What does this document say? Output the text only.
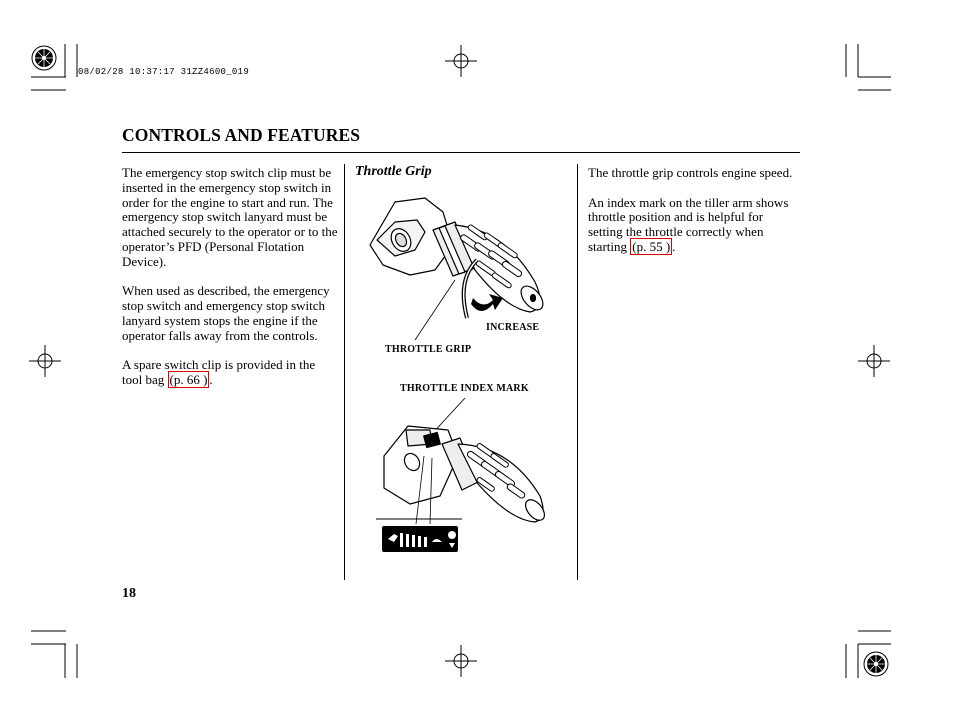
08/02/28 10:37:17 31ZZ4600_019
CONTROLS AND FEATURES

The emergency stop switch clip must be inserted in the emergency stop switch in order for the engine to start and run. The emergency stop switch lanyard must be attached securely to the operator or to the operator’s PFD (Personal Flotation Device).

When used as described, the emergency stop switch and emergency stop switch lanyard system stops the engine if the operator falls away from the controls.

A spare switch clip is provided in the tool bag (p. 66 ) .

Throttle Grip
INCREASE
THROTTLE GRIP
THROTTLE INDEX MARK

The throttle grip controls engine speed.

An index mark on the tiller arm shows throttle position and is helpful for setting the throttle correctly when starting (p. 55 ) .

18
